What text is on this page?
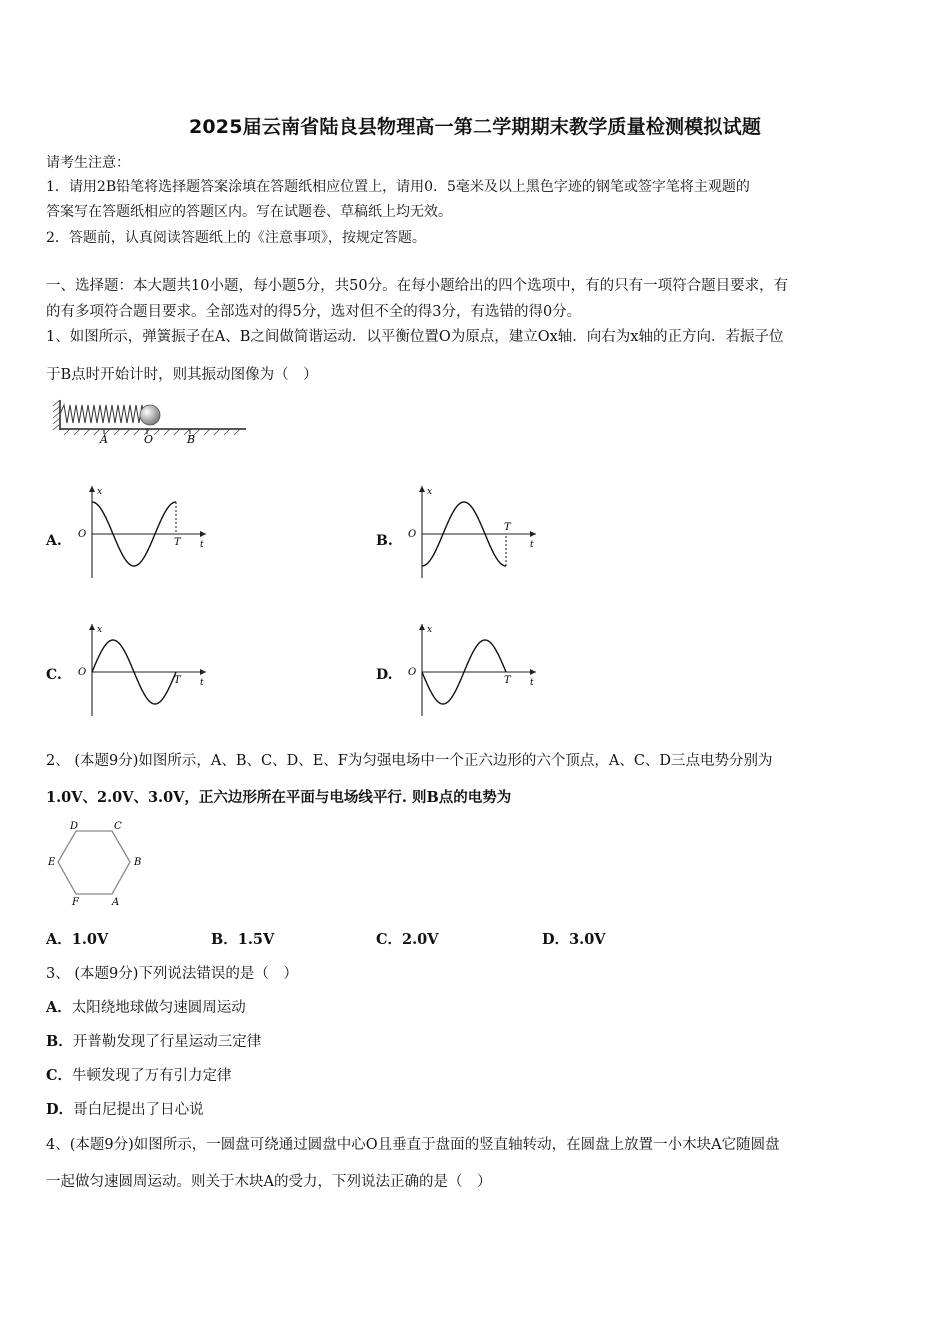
2025届云南省陆良县物理高一第二学期期末教学质量检测模拟试题
请考生注意：
1．请用2B铅笔将选择题答案涂填在答题纸相应位置上，请用0．5毫米及以上黑色字迹的钢笔或签字笔将主观题的
答案写在答题纸相应的答题区内。写在试题卷、草稿纸上均无效。
2．答题前，认真阅读答题纸上的《注意事项》，按规定答题。
一、选择题：本大题共10小题，每小题5分，共50分。在每小题给出的四个选项中，有的只有一项符合题目要求，有
的有多项符合题目要求。全部选对的得5分，选对但不全的得3分，有选错的得0分。
1、如图所示，弹簧振子在A、B之间做简谐运动．以平衡位置O为原点，建立Ox轴．向右为x轴的正方向．若振子位
于B点时开始计时，则其振动图像为（　）
A	O	B
A.	B.
C.	D.
x
O
T t
x
O
T
t
x
O
T t
x
O
T t
2、 (本题9分)如图所示，A、B、C、D、E、F为匀强电场中一个正六边形的六个顶点，A、C、D三点电势分别为
1.0V、2.0V、3.0V，正六边形所在平面与电场线平行. 则B点的电势为
D	C
E	B
F	A
A．1.0V	B．1.5V	C．2.0V	D．3.0V
3、 (本题9分)下列说法错误的是（　）
A．太阳绕地球做匀速圆周运动
B．开普勒发现了行星运动三定律
C．牛顿发现了万有引力定律
D．哥白尼提出了日心说
4、(本题9分)如图所示，一圆盘可绕通过圆盘中心O且垂直于盘面的竖直轴转动，在圆盘上放置一小木块A它随圆盘
一起做匀速圆周运动。则关于木块A的受力，下列说法正确的是（　）
